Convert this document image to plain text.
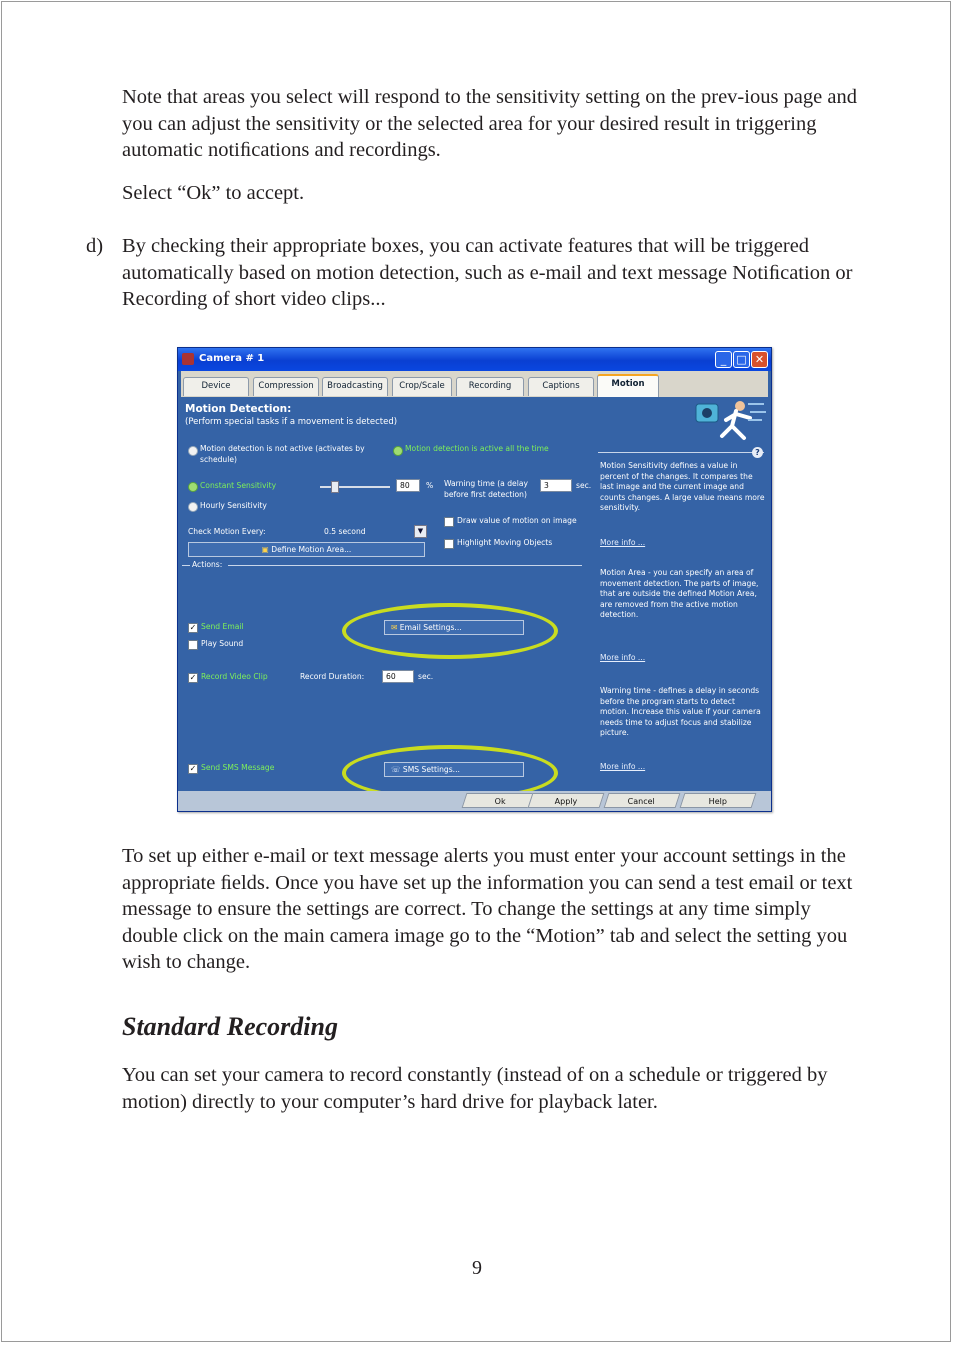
Note that areas you select will respond to the sensitivity setting on the prev-ious page and you can adjust the sensitivity or the selected area for your desired result in triggering automatic notiﬁcations and recordings.

Select “Ok” to accept.

d) By checking their appropriate boxes, you can activate features that will be triggered automatically based on motion detection, such as e-mail and text message Notiﬁcation or Recording of short video clips...
Camera # 1	_ □ ✕
Device	Compression	Broadcasting	Crop/Scale	Recording	Captions	Motion
Motion Detection:
(Perform special tasks if a movement is detected)
Motion detection is not active (activates by schedule)
Motion detection is active all the time
Constant Sensitivity	80	% Warning time (a delay before first detection)
3	sec.
Hourly Sensitivity
Draw value of motion on image
Check Motion Every:	0.5 second	▼
Highlight Moving Objects
▣ Define Motion Area...
Actions:
✓ Send Email	✉ Email Settings...
Play Sound
✓ Record Video Clip	Record Duration:	60	sec.
✓ Send SMS Message	☏ SMS Settings...
?
Motion Sensitivity defines a value in percent of the changes. It compares the last image and the current image and counts changes. A large value means more sensitivity.
More info ...
Motion Area - you can specify an area of movement detection. The parts of image, that are outside the defined Motion Area, are removed from the active motion detection.
More info ...
Warning time - defines a delay in seconds before the program starts to detect motion. Increase this value if your camera needs time to adjust focus and stabilize picture.
More info ...
Ok	Apply	Cancel	Help

To set up either e-mail or text message alerts you must enter your account settings in the appropriate ﬁelds. Once you have set up the information you can send a test email or text message to ensure the settings are correct. To change the settings at any time simply double click on the main camera image go to the “Motion” tab and select the setting you wish to change.

Standard Recording

You can set your camera to record constantly (instead of on a schedule or triggered by motion) directly to your computer’s hard drive for playback later.

9
